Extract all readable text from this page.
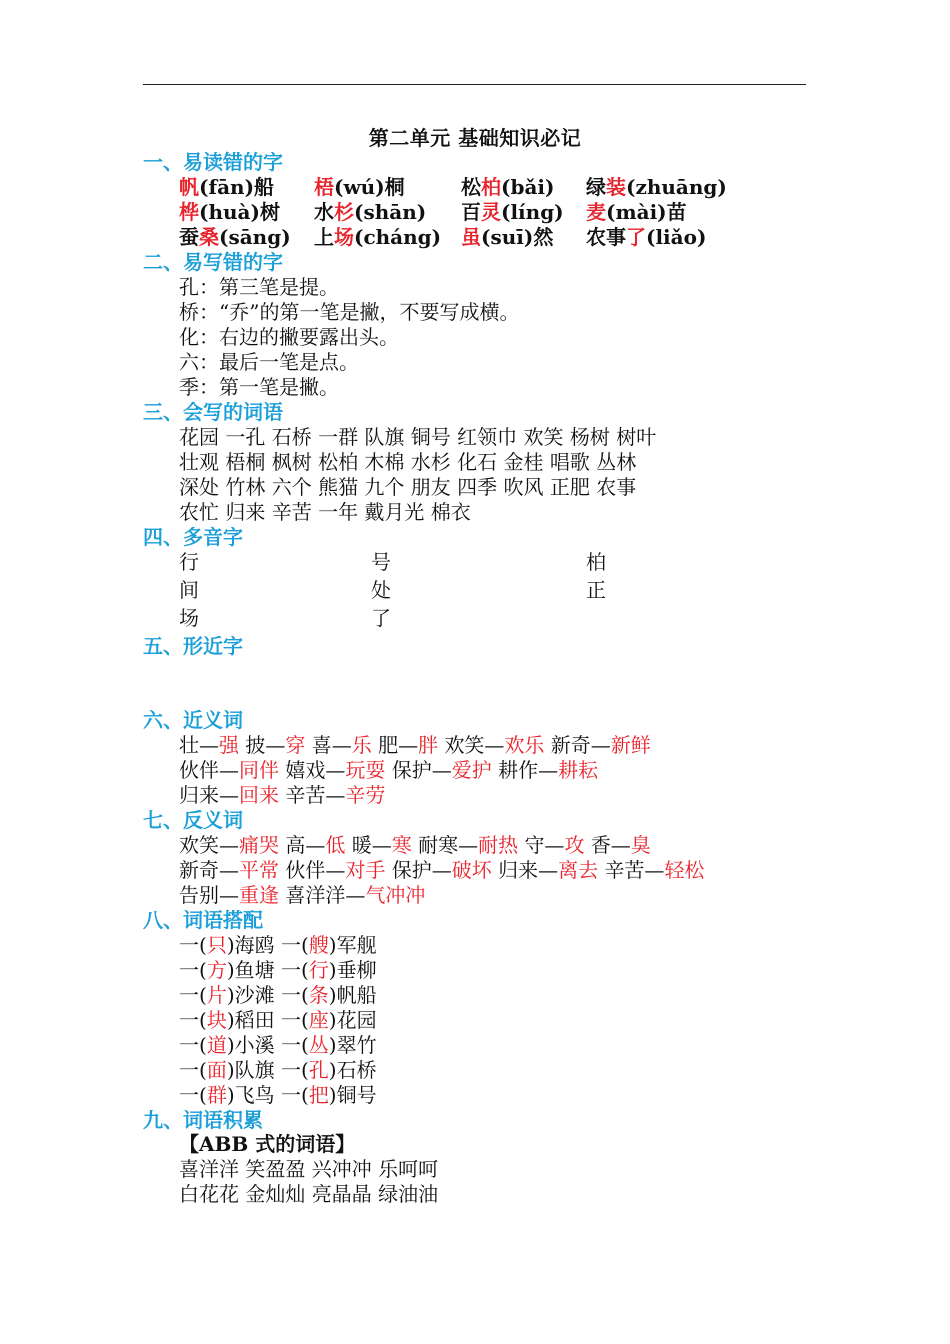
第二单元 基础知识必记
一、易读错的字
帆(fān)船 梧(wú)桐	松柏(bǎi) 绿装(zhuāng)
桦(huà)树 水杉(shān) 百灵(líng) 麦(mài)苗
蚕桑(sāng) 上场(cháng) 虽(suī)然 农事了(liǎo)
二、易写错的字
孔：第三笔是提。
桥：“乔”的第一笔是撇，不要写成横。
化：右边的撇要露出头。
六：最后一笔是点。
季：第一笔是撇。
三、会写的词语
花园 一孔 石桥 一群 队旗 铜号 红领巾 欢笑 杨树 树叶
壮观 梧桐 枫树 松柏 木棉 水杉 化石 金桂 唱歌 丛林
深处 竹林 六个 熊猫 九个 朋友 四季 吹风 正肥 农事
农忙 归来 辛苦 一年 戴月光 棉衣
四、多音字
行	号	柏
间	处	正
场	了
五、形近字
六、近义词
壮—强 披—穿 喜—乐 肥—胖 欢笑—欢乐 新奇—新鲜
伙伴—同伴 嬉戏—玩耍 保护—爱护 耕作—耕耘
归来—回来 辛苦—辛劳
七、反义词
欢笑—痛哭 高—低 暖—寒 耐寒—耐热 守—攻 香—臭
新奇—平常 伙伴—对手 保护—破坏 归来—离去 辛苦—轻松
告别—重逢 喜洋洋—气冲冲
八、词语搭配
一(只)海鸥 一(艘)军舰
一(方)鱼塘 一(行)垂柳
一(片)沙滩 一(条)帆船
一(块)稻田 一(座)花园
一(道)小溪 一(丛)翠竹
一(面)队旗 一(孔)石桥
一(群)飞鸟 一(把)铜号
九、词语积累
【ABB 式的词语】
喜洋洋 笑盈盈 兴冲冲 乐呵呵
白花花 金灿灿 亮晶晶 绿油油
